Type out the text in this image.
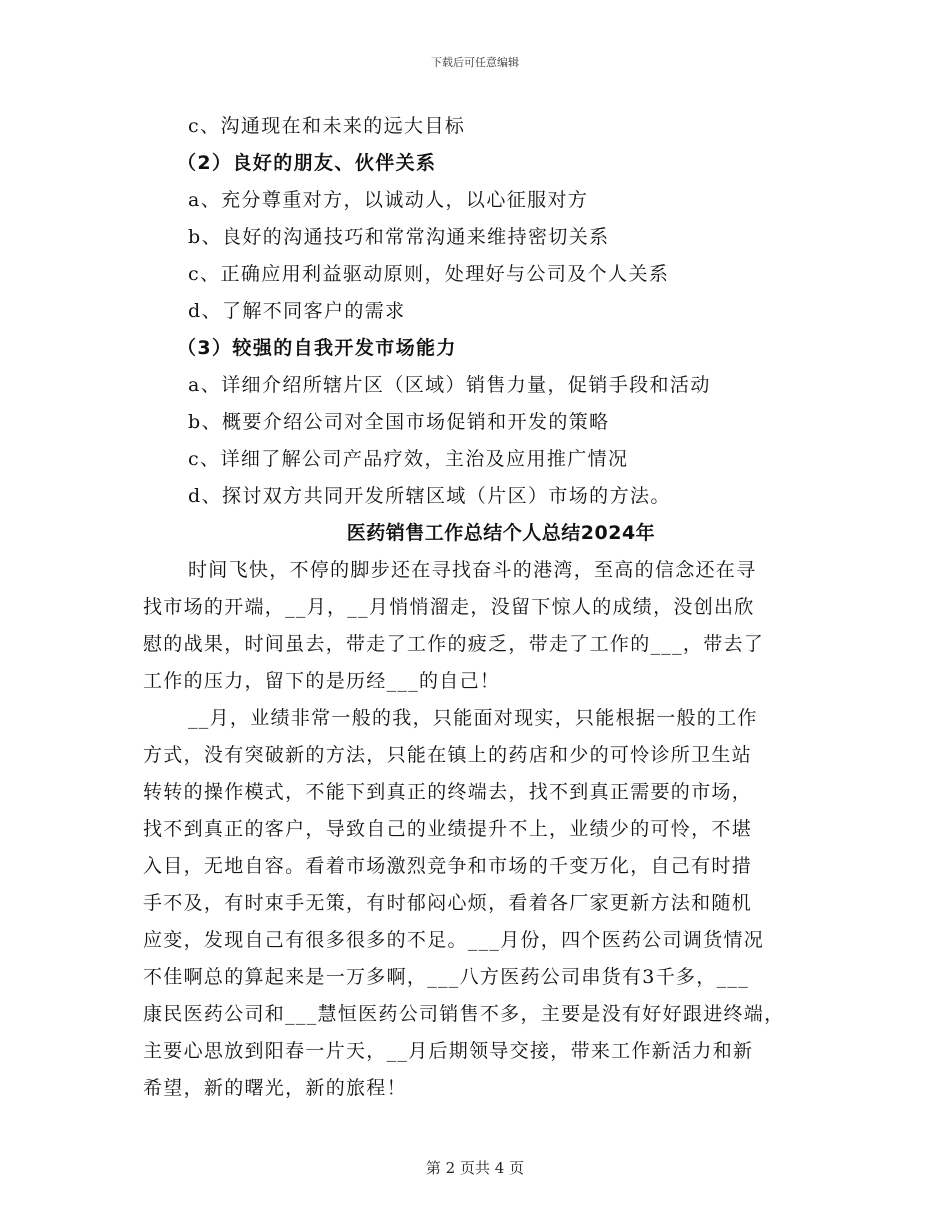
下载后可任意编辑
c、沟通现在和未来的远大目标
（2）良好的朋友、伙伴关系
a、充分尊重对方，以诚动人，以心征服对方
b、良好的沟通技巧和常常沟通来维持密切关系
c、正确应用利益驱动原则，处理好与公司及个人关系
d、了解不同客户的需求
（3）较强的自我开发市场能力
a、详细介绍所辖片区（区域）销售力量，促销手段和活动
b、概要介绍公司对全国市场促销和开发的策略
c、详细了解公司产品疗效，主治及应用推广情况
d、探讨双方共同开发所辖区域（片区）市场的方法。
医药销售工作总结个人总结2024年
时间飞快，不停的脚步还在寻找奋斗的港湾，至高的信念还在寻
找市场的开端，__月，__月悄悄溜走，没留下惊人的成绩，没创出欣
慰的战果，时间虽去，带走了工作的疲乏，带走了工作的___，带去了
工作的压力，留下的是历经___的自己！
__月，业绩非常一般的我，只能面对现实，只能根据一般的工作
方式，没有突破新的方法，只能在镇上的药店和少的可怜诊所卫生站
转转的操作模式，不能下到真正的终端去，找不到真正需要的市场，
找不到真正的客户，导致自己的业绩提升不上，业绩少的可怜，不堪
入目，无地自容。看着市场激烈竞争和市场的千变万化，自己有时措
手不及，有时束手无策，有时郁闷心烦，看着各厂家更新方法和随机
应变，发现自己有很多很多的不足。___月份，四个医药公司调货情况
不佳啊总的算起来是一万多啊，___八方医药公司串货有3千多，___
康民医药公司和___慧恒医药公司销售不多，主要是没有好好跟进终端，
主要心思放到阳春一片天，__月后期领导交接，带来工作新活力和新
希望，新的曙光，新的旅程！
第 2 页共 4 页
